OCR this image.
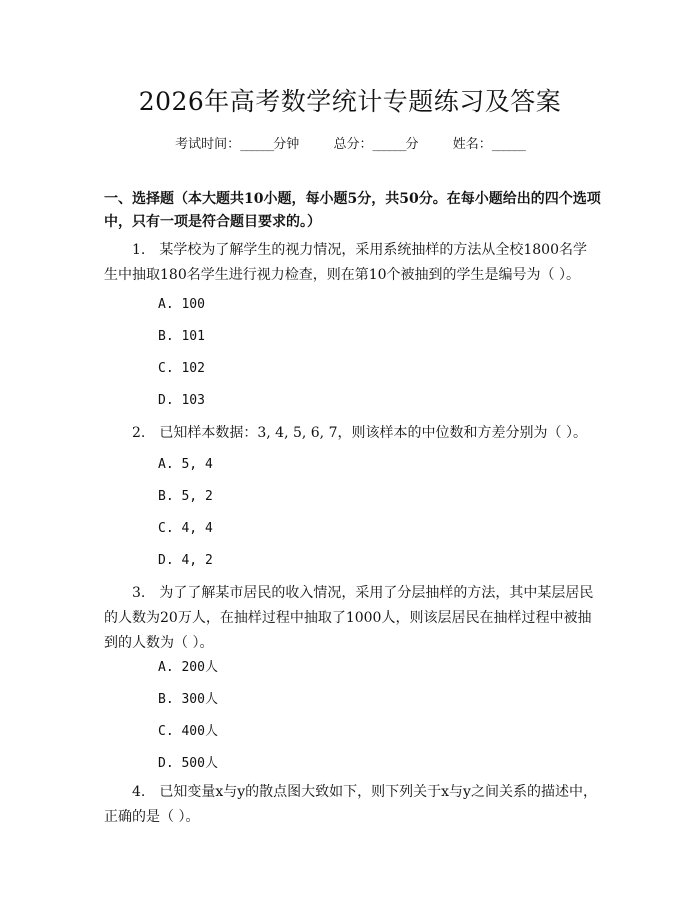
2026年高考数学统计专题练习及答案
考试时间：______分钟	总分：______分	姓名：______
一、选择题（本大题共10小题，每小题5分，共50分。在每小题给出的四个选项中，只有一项是符合题目要求的。）
1.　某学校为了解学生的视力情况，采用系统抽样的方法从全校1800名学生中抽取180名学生进行视力检查，则在第10个被抽到的学生是编号为（ ）。
A. 100
B. 101
C. 102
D. 103
2.　已知样本数据：3, 4, 5, 6, 7，则该样本的中位数和方差分别为（ ）。
A. 5, 4
B. 5, 2
C. 4, 4
D. 4, 2
3.　为了了解某市居民的收入情况，采用了分层抽样的方法，其中某层居民的人数为20万人，在抽样过程中抽取了1000人，则该层居民在抽样过程中被抽到的人数为（ ）。
A. 200人
B. 300人
C. 400人
D. 500人
4.　已知变量x与y的散点图大致如下，则下列关于x与y之间关系的描述中，正确的是（ ）。
